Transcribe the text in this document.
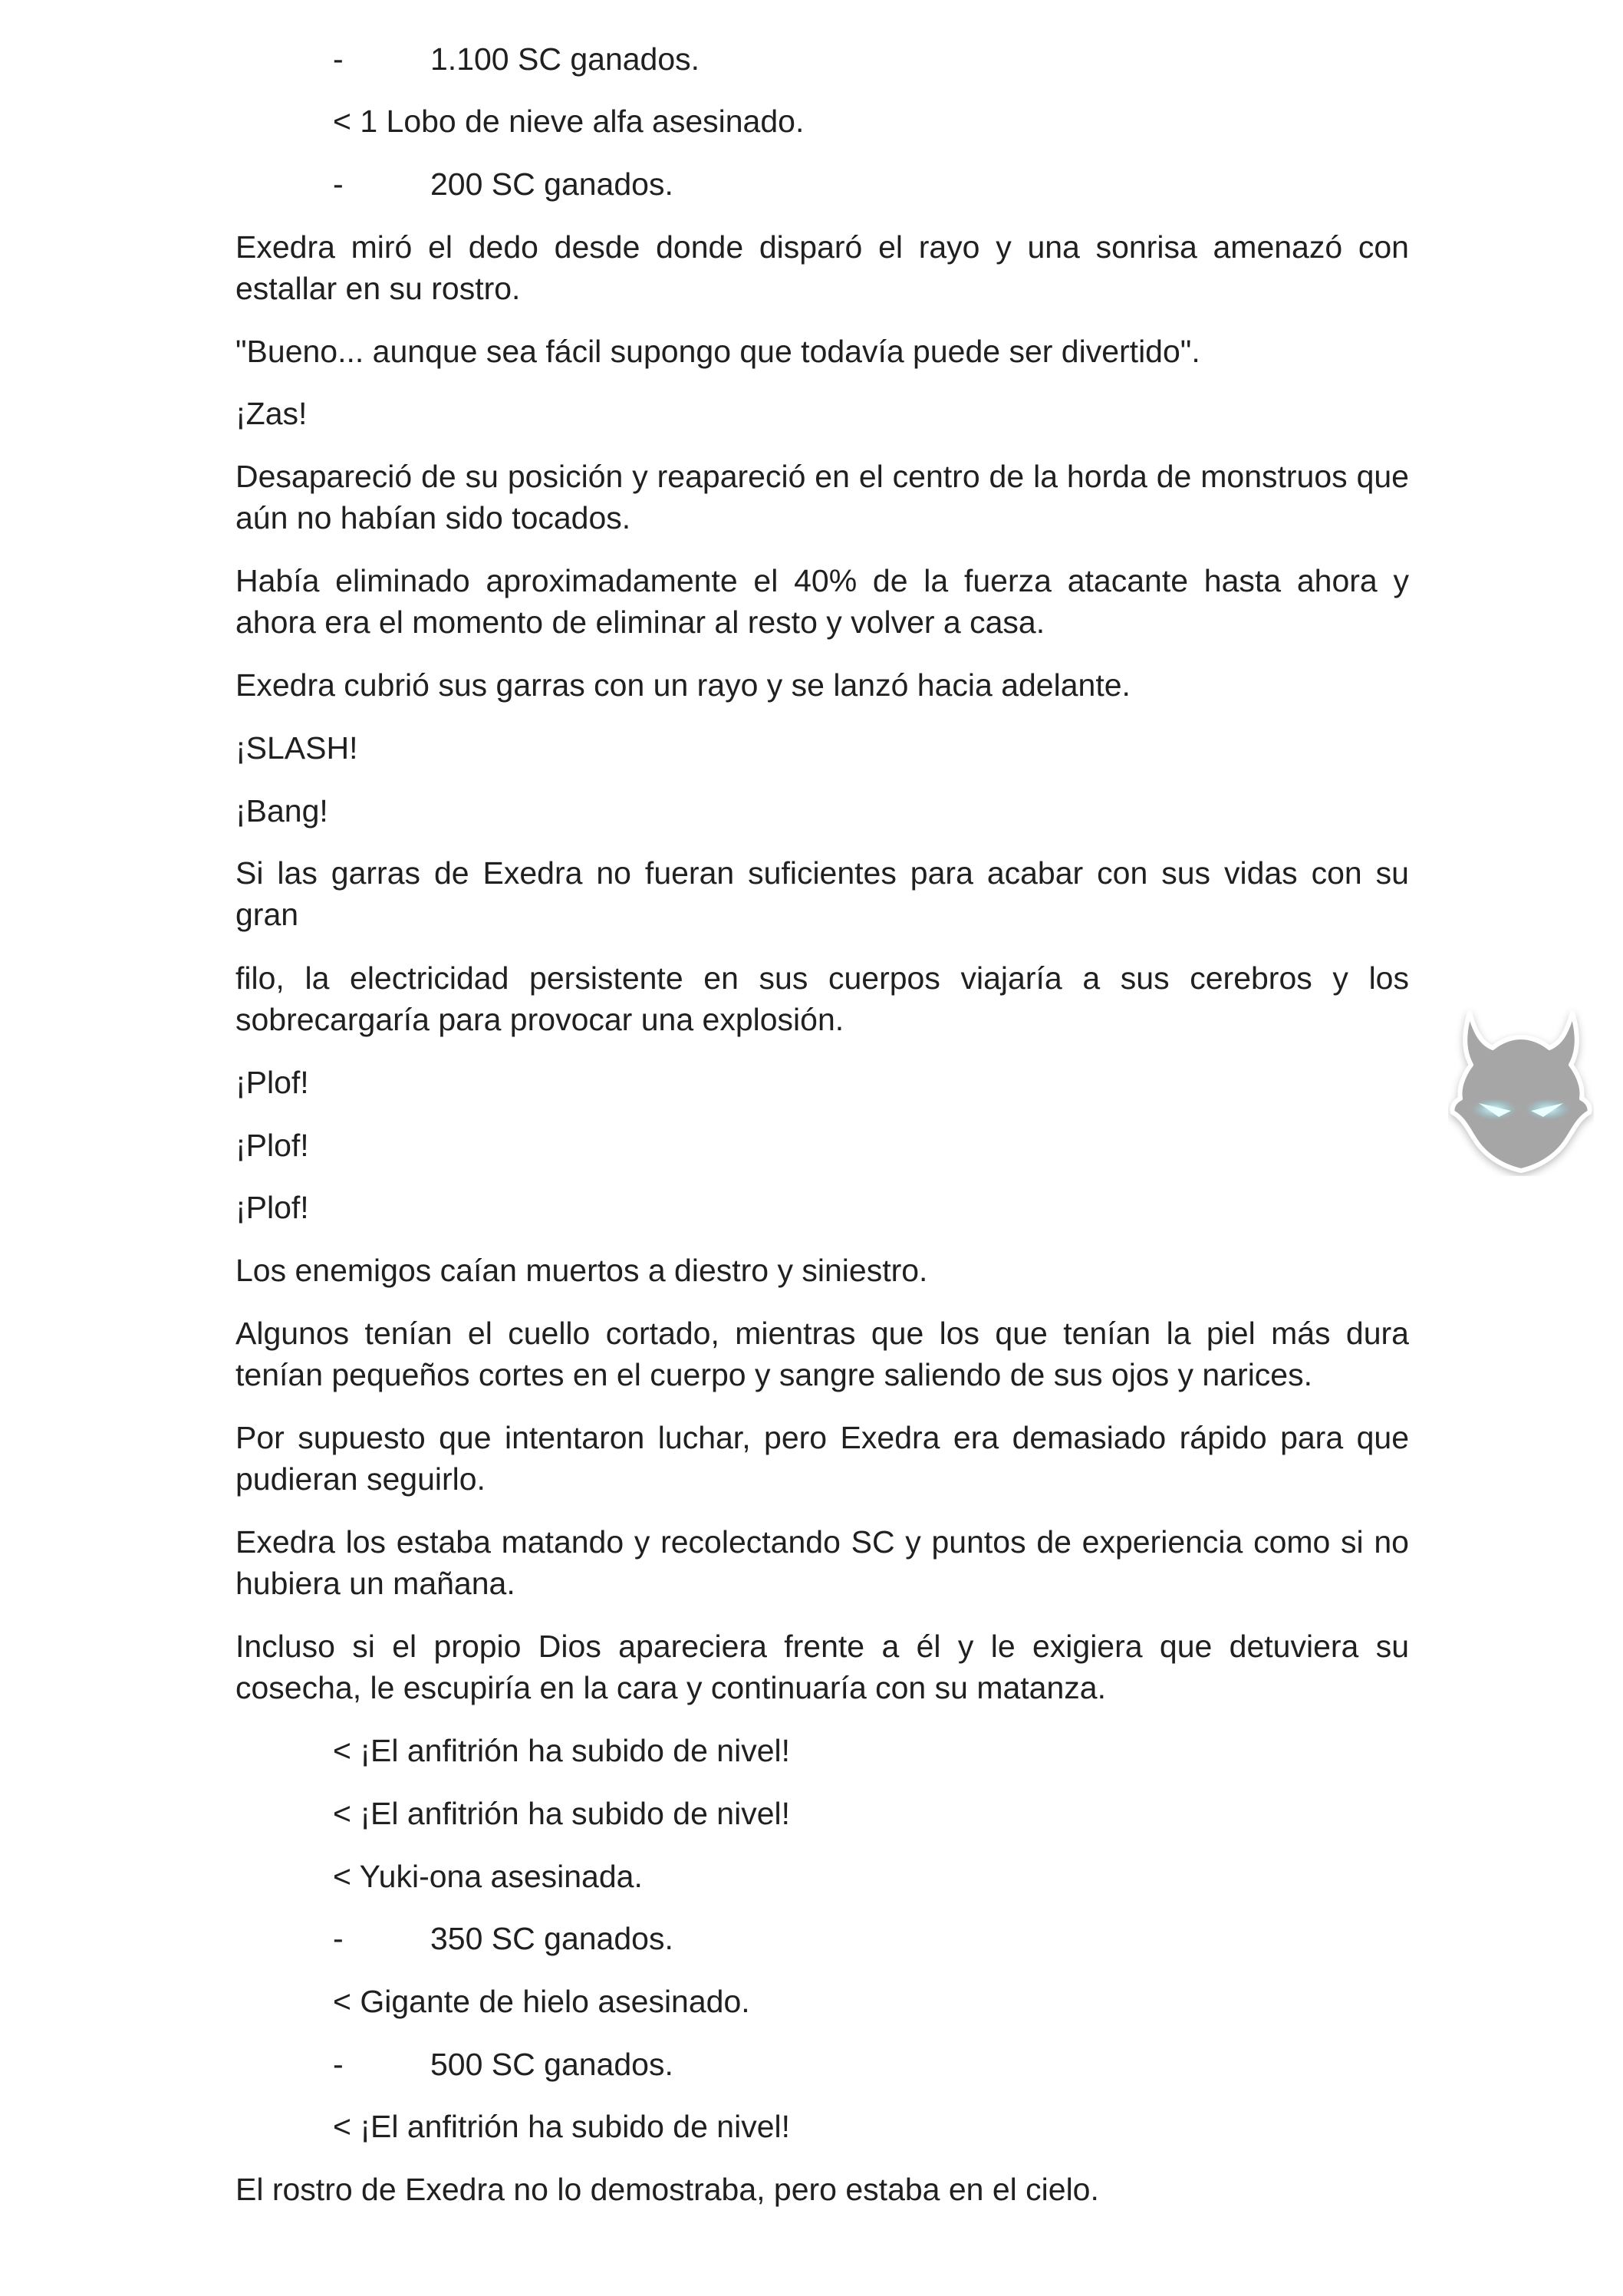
-	1.100 SC ganados.
< 1 Lobo de nieve alfa asesinado.
-	200 SC ganados.
Exedra miró el dedo desde donde disparó el rayo y una sonrisa amenazó con estallar en su rostro.
"Bueno... aunque sea fácil supongo que todavía puede ser divertido".
¡Zas!
Desapareció de su posición y reapareció en el centro de la horda de monstruos que aún no habían sido tocados.
Había eliminado aproximadamente el 40% de la fuerza atacante hasta ahora y ahora era el momento de eliminar al resto y volver a casa.
Exedra cubrió sus garras con un rayo y se lanzó hacia adelante.
¡SLASH!
¡Bang!
Si las garras de Exedra no fueran suficientes para acabar con sus vidas con su gran
filo, la electricidad persistente en sus cuerpos viajaría a sus cerebros y los sobrecargaría para provocar una explosión.
¡Plof!
¡Plof!
¡Plof!
Los enemigos caían muertos a diestro y siniestro.
Algunos tenían el cuello cortado, mientras que los que tenían la piel más dura tenían pequeños cortes en el cuerpo y sangre saliendo de sus ojos y narices.
Por supuesto que intentaron luchar, pero Exedra era demasiado rápido para que pudieran seguirlo.
Exedra los estaba matando y recolectando SC y puntos de experiencia como si no hubiera un mañana.
Incluso si el propio Dios apareciera frente a él y le exigiera que detuviera su cosecha, le escupiría en la cara y continuaría con su matanza.
< ¡El anfitrión ha subido de nivel!
< ¡El anfitrión ha subido de nivel!
< Yuki-ona asesinada.
-	350 SC ganados.
< Gigante de hielo asesinado.
-	500 SC ganados.
< ¡El anfitrión ha subido de nivel!
El rostro de Exedra no lo demostraba, pero estaba en el cielo.
